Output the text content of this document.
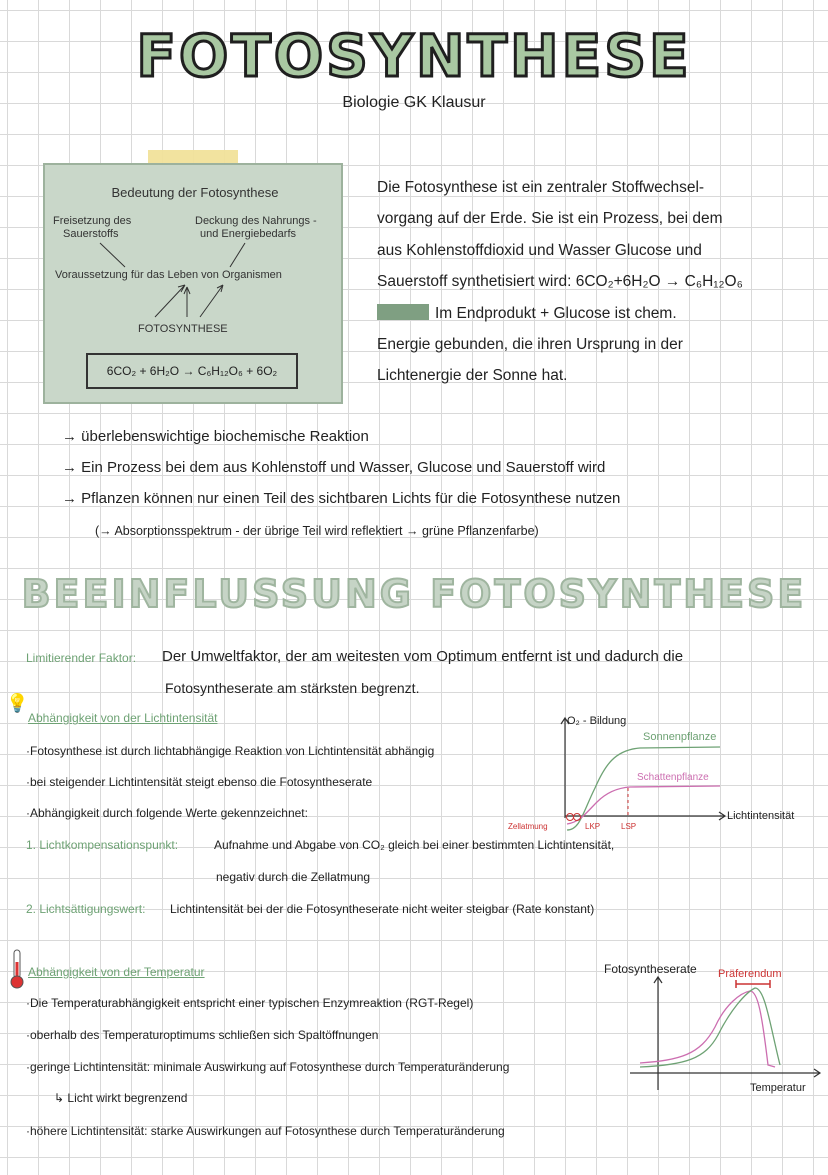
FOTOSYNTHESE
Biologie GK Klausur
Bedeutung der Fotosynthese
Freisetzung des
Sauerstoffs
Deckung des Nahrungs -
und Energiebedarfs
Voraussetzung für das Leben von Organismen
FOTOSYNTHESE
6CO₂ + 6H₂O → C₆H₁₂O₆ + 6O₂
Die Fotosynthese ist ein zentraler Stoffwechsel-
vorgang auf der Erde. Sie ist ein Prozess, bei dem
aus Kohlenstoffdioxid und Wasser Glucose und
Sauerstoff synthetisiert wird: 6CO₂+6H₂O → C₆H₁₂O₆
Im Endprodukt + Glucose ist chem.
Energie gebunden, die ihren Ursprung in der
Lichtenergie der Sonne hat.
→ überlebenswichtige biochemische Reaktion
→ Ein Prozess bei dem aus Kohlenstoff und Wasser, Glucose und Sauerstoff wird
→ Pflanzen können nur einen Teil des sichtbaren Lichts für die Fotosynthese nutzen
(→ Absorptionsspektrum - der übrige Teil wird reflektiert → grüne Pflanzenfarbe)
BEEINFLUSSUNG FOTOSYNTHESE
Limitierender Faktor: Der Umweltfaktor, der am weitesten vom Optimum entfernt ist und dadurch die
Fotosyntheserate am stärksten begrenzt.
💡
Abhängigkeit von der Lichtintensität
·Fotosynthese ist durch lichtabhängige Reaktion von Lichtintensität abhängig
·bei steigender Lichtintensität steigt ebenso die Fotosyntheserate
·Abhängigkeit durch folgende Werte gekennzeichnet:
1. Lichtkompensationspunkt:	Aufnahme und Abgabe von CO₂ gleich bei einer bestimmten Lichtintensität,
negativ durch die Zellatmung
2. Lichtsättigungswert: Lichtintensität bei der die Fotosyntheserate nicht weiter steigbar (Rate konstant)
O₂ - Bildung
Lichtintensität
Sonnenpflanze
Schattenpflanze
Zellatmung	LKP	LSP
Abhängigkeit von der Temperatur
·Die Temperaturabhängigkeit entspricht einer typischen Enzymreaktion (RGT-Regel)
·oberhalb des Temperaturoptimums schließen sich Spaltöffnungen
·geringe Lichtintensität: minimale Auswirkung auf Fotosynthese durch Temperaturänderung
↳ Licht wirkt begrenzend
·höhere Lichtintensität: starke Auswirkungen auf Fotosynthese durch Temperaturänderung
Fotosyntheserate
Temperatur
Präferendum
